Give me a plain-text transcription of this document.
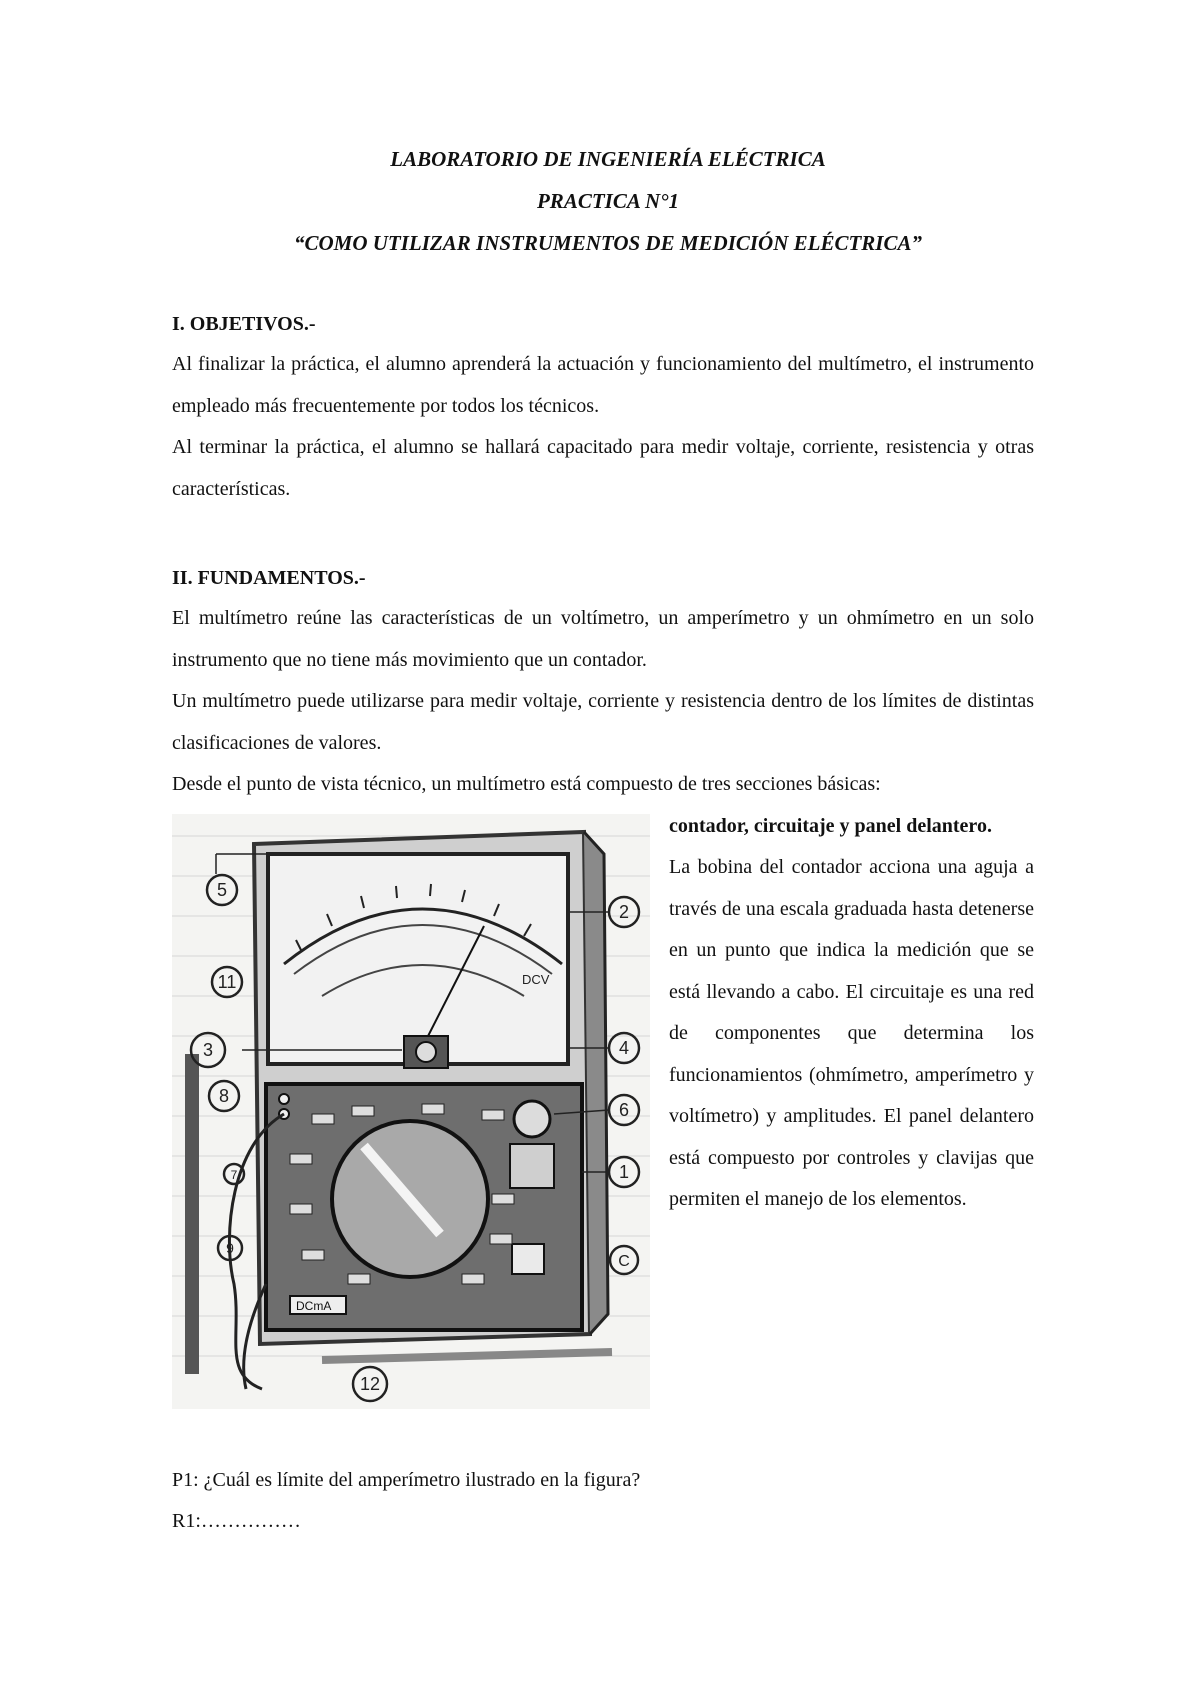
LABORATORIO DE INGENIERÍA ELÉCTRICA
PRACTICA N°1
“COMO UTILIZAR INSTRUMENTOS DE MEDICIÓN ELÉCTRICA”
I. OBJETIVOS.-

Al finalizar la práctica, el alumno aprenderá la actuación y funcionamiento del multímetro, el instrumento empleado más frecuentemente por todos los técnicos.

Al terminar la práctica, el alumno se hallará capacitado para medir voltaje, corriente, resistencia y otras características.

II. FUNDAMENTOS.-

El multímetro reúne las características de un voltímetro, un amperímetro y un ohmímetro en un solo instrumento que no tiene más movimiento que un contador.

Un multímetro puede utilizarse para medir voltaje, corriente y resistencia dentro de los límites de distintas clasificaciones de valores.

Desde el punto de vista técnico, un multímetro está compuesto de tres secciones básicas:

DCV
DCmA
5
2
11
3	4
8
6
1
9
C
12
7
contador, circuitaje y panel delantero.

La bobina del contador acciona una aguja a través de una escala graduada hasta detenerse en un punto que indica la medición que se está llevando a cabo. El circuitaje es una red de componentes que determina los funcionamientos (ohmímetro, amperímetro y voltímetro) y amplitudes. El panel delantero está compuesto por controles y clavijas que permiten el manejo de los elementos.

P1: ¿Cuál es límite del amperímetro ilustrado en la figura?
R1:……………
